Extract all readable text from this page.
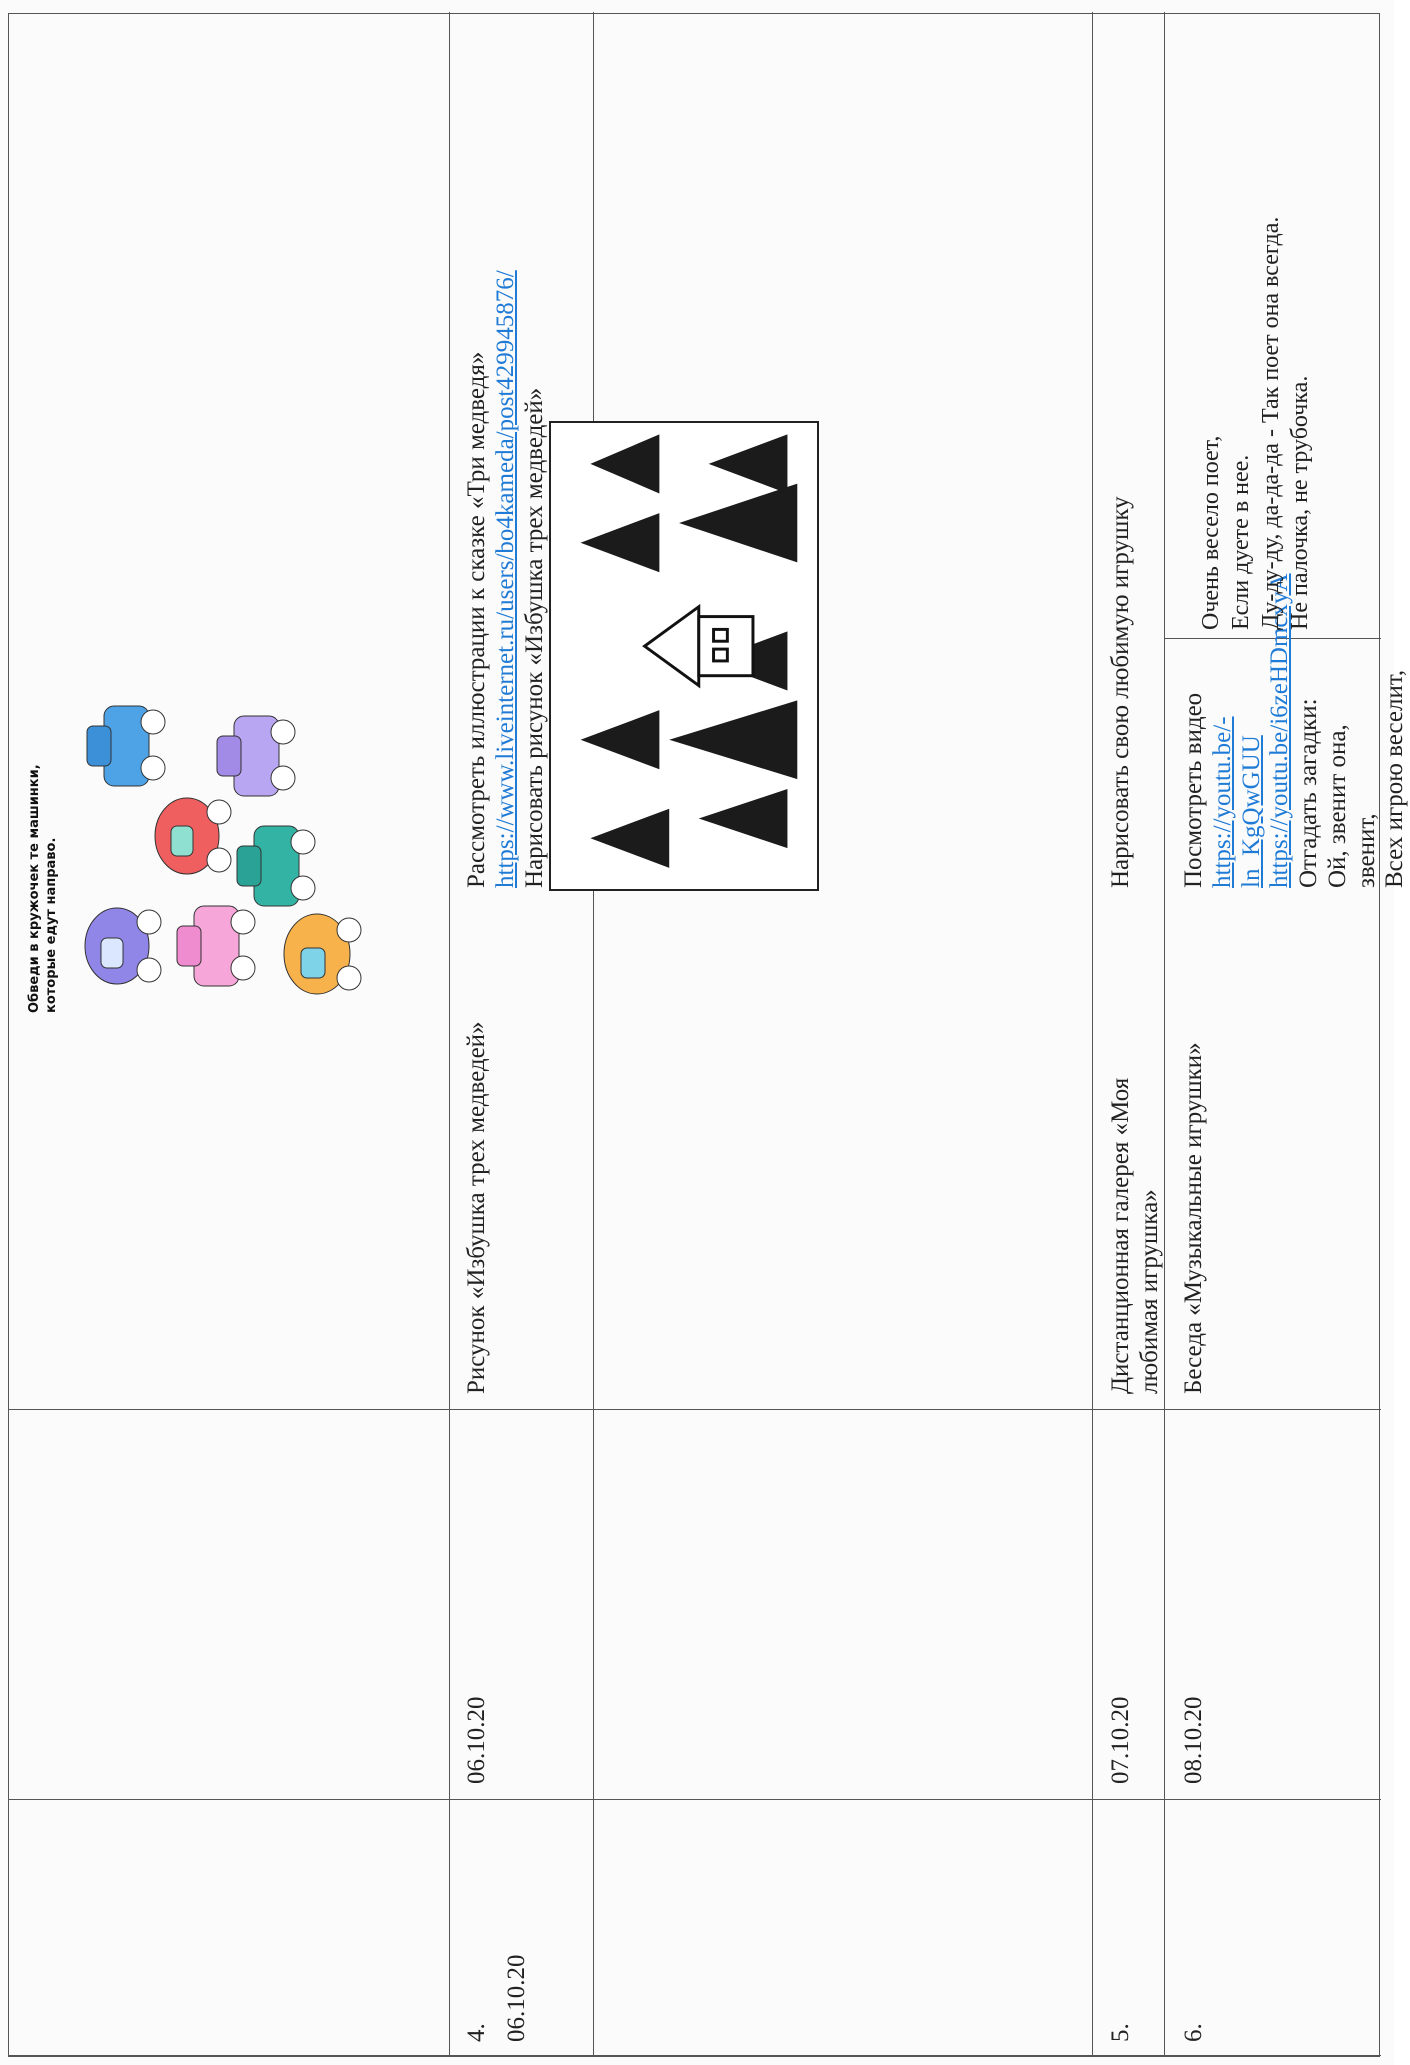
Обведи в кружочек те машинки, которые едут направо.
4. 06.10.20
06.10.20
Рисунок «Избушка трех медведей»
Рассмотреть иллюстрации к сказке «Три медведя» https://www.liveinternet.ru/users/bo4kameda/post429945876/ Нарисовать рисунок «Избушка трех медведей»
5.
07.10.20
Дистанционная галерея «Моя любимая игрушка»
Нарисовать свою любимую игрушку
6.
08.10.20
Беседа «Музыкальные игрушки»
Посмотреть видео https://youtu.be/-
ln_KgQwGUU
https://youtu.be/i6zeHDmcxyA Отгадать загадки: Ой, звенит она, звенит, Всех игрою веселит,
Очень весело поет,
Если дуете в нее.
Ду-ду-ду, да-да-да - Так поет она всегда.
Не палочка, не трубочка.
